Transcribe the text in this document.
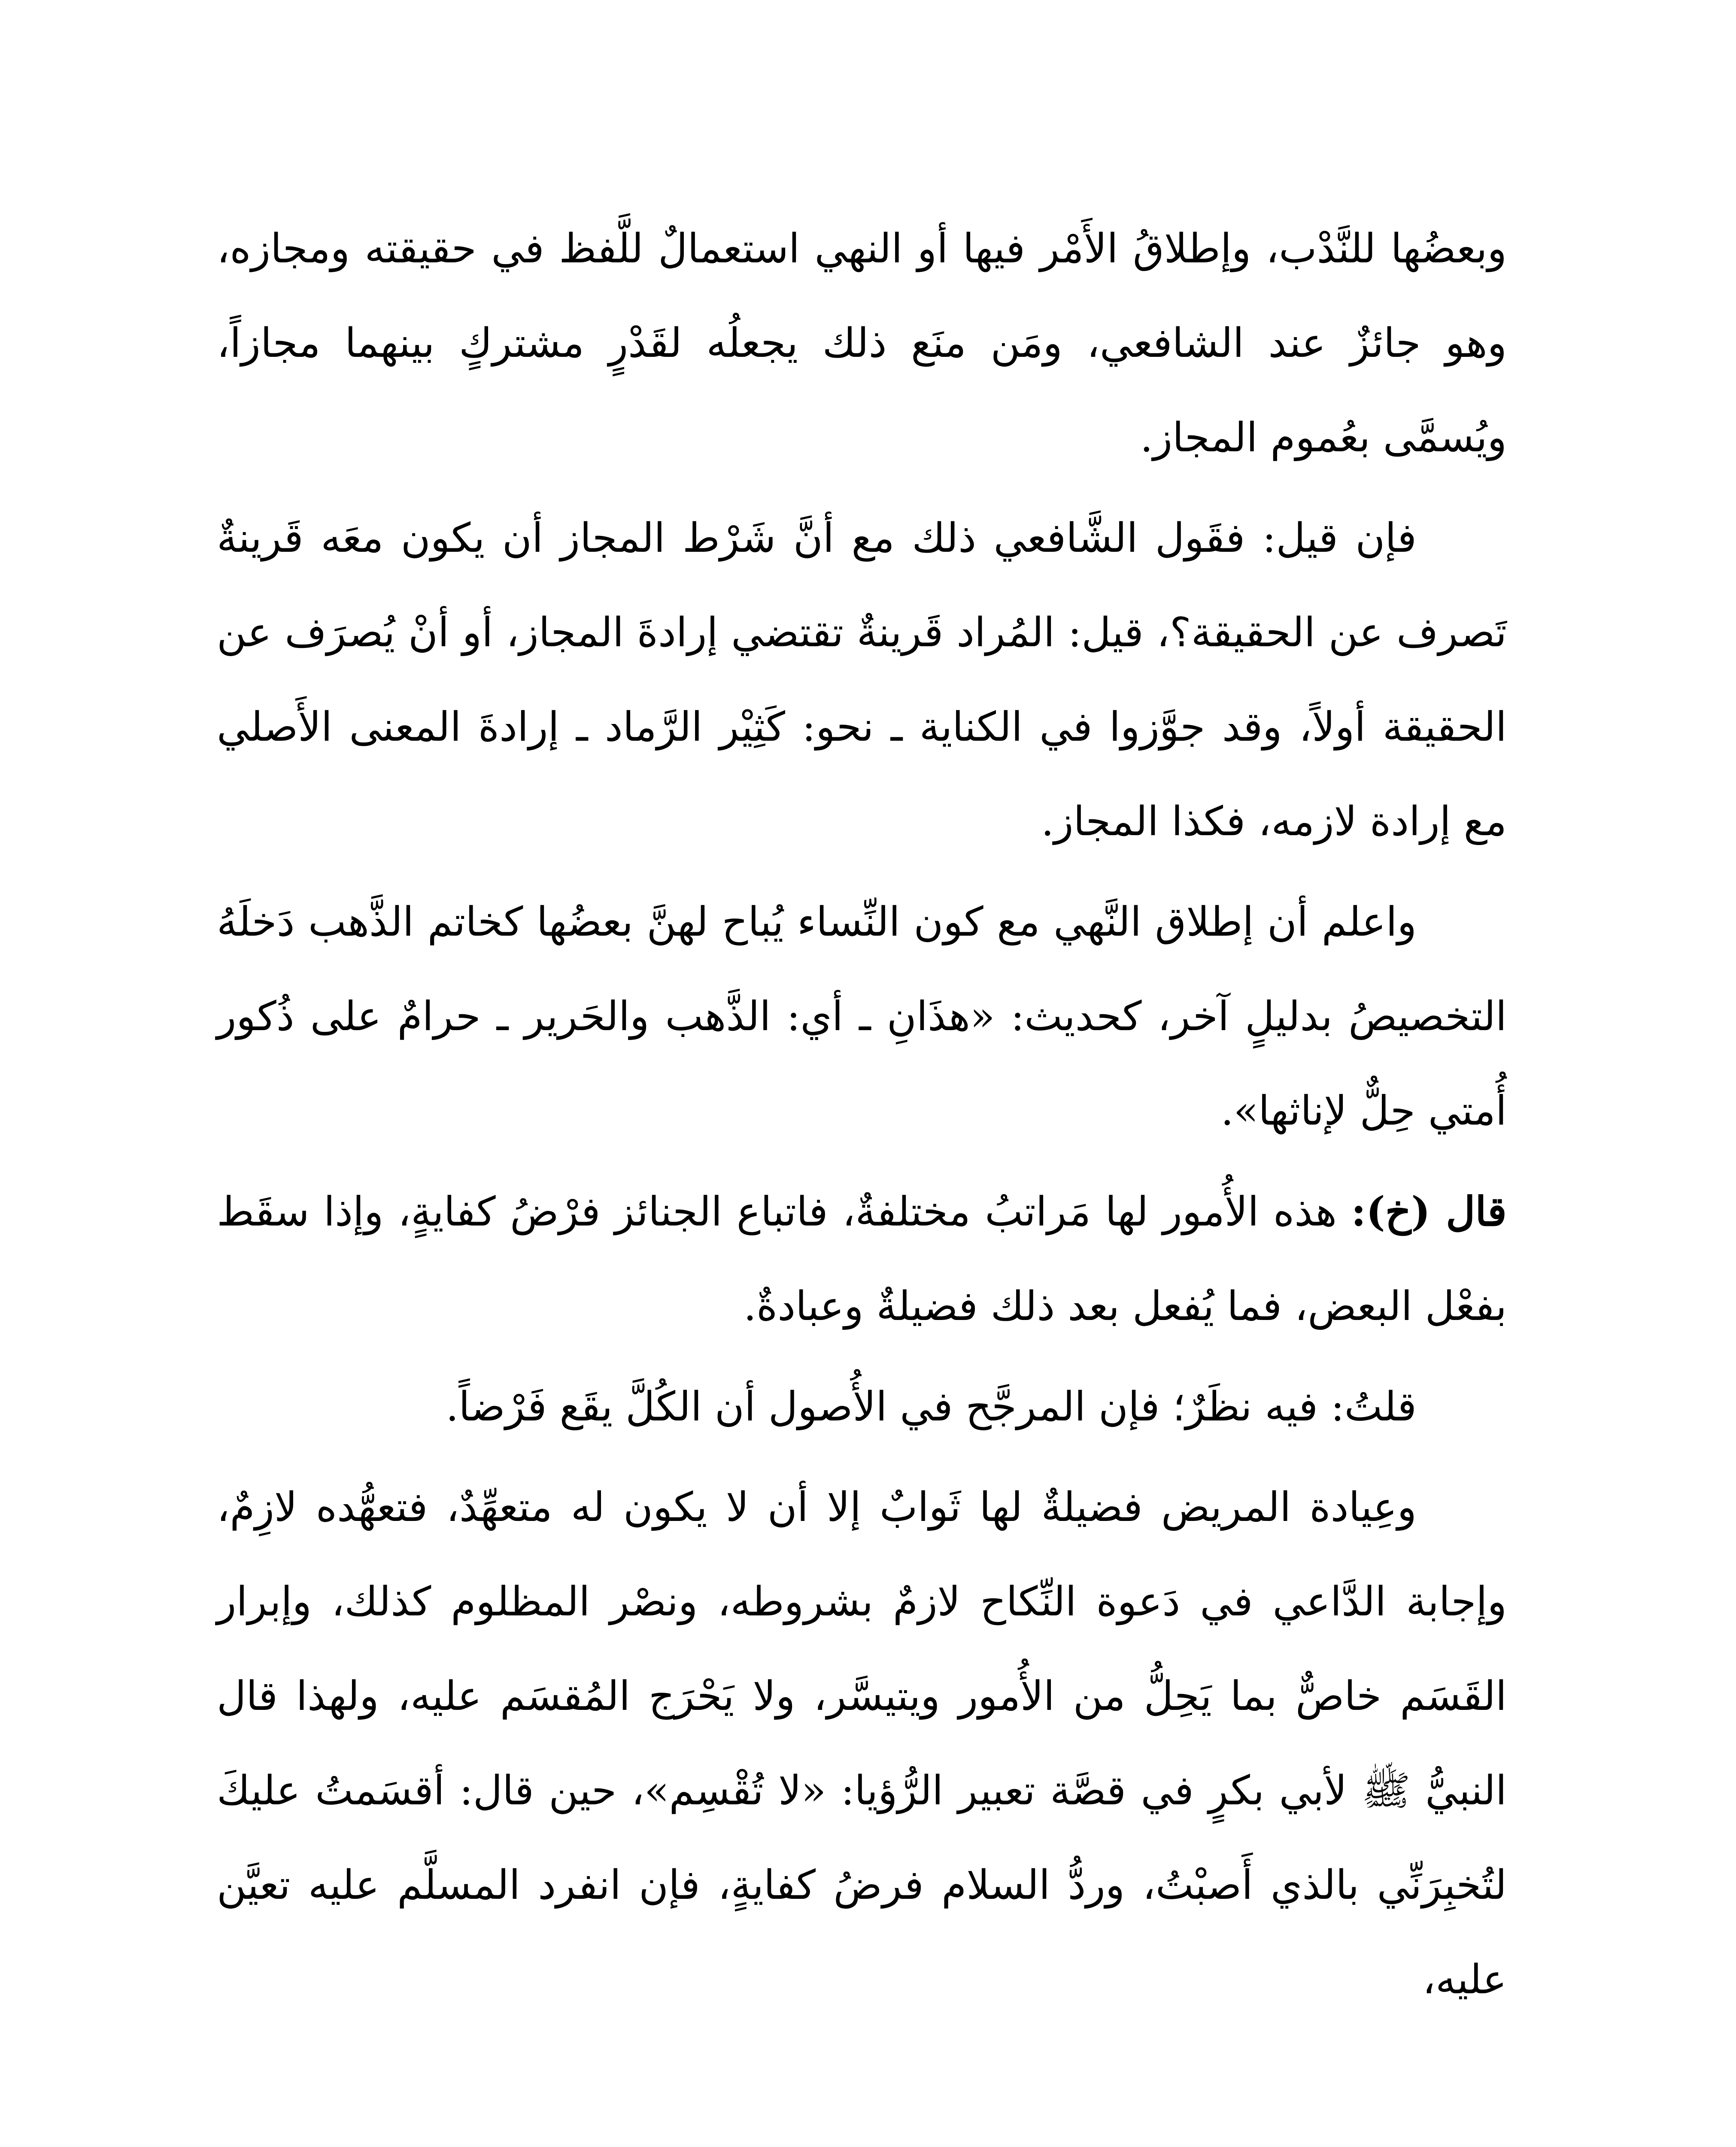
وبعضُها للنَّدْب، وإطلاقُ الأَمْر فيها أو النهي استعمالٌ للَّفظ في حقيقته ومجازه، وهو جائزٌ عند الشافعي، ومَن منَع ذلك يجعلُه لقَدْرٍ مشتركٍ بينهما مجازاً، ويُسمَّى بعُموم المجاز.

فإن قيل: فقَول الشَّافعي ذلك مع أنَّ شَرْط المجاز أن يكون معَه قَرينةٌ تَصرف عن الحقيقة؟، قيل: المُراد قَرينةٌ تقتضي إرادةَ المجاز، أو أنْ يُصرَف عن الحقيقة أولاً، وقد جوَّزوا في الكناية ـ نحو: كَثِيْر الرَّماد ـ إرادةَ المعنى الأَصلي مع إرادة لازمه، فكذا المجاز.

واعلم أن إطلاق النَّهي مع كون النِّساء يُباح لهنَّ بعضُها كخاتم الذَّهب دَخلَهُ التخصيصُ بدليلٍ آخر، كحديث: «هذَانِ ـ أي: الذَّهب والحَرير ـ حرامٌ على ذُكور أُمتي حِلٌّ لإناثها».

قال (خ): هذه الأُمور لها مَراتبُ مختلفةٌ، فاتباع الجنائز فرْضُ كفايةٍ، وإذا سقَط بفعْل البعض، فما يُفعل بعد ذلك فضيلةٌ وعبادةٌ.

قلتُ: فيه نظَرٌ؛ فإن المرجَّح في الأُصول أن الكُلَّ يقَع فَرْضاً.

وعِيادة المريض فضيلةٌ لها ثَوابٌ إلا أن لا يكون له متعهِّدٌ، فتعهُّده لازِمٌ، وإجابة الدَّاعي في دَعوة النِّكاح لازمٌ بشروطه، ونصْر المظلوم كذلك، وإبرار القَسَم خاصٌّ بما يَحِلُّ من الأُمور ويتيسَّر، ولا يَحْرَج المُقسَم عليه، ولهذا قال النبيُّ ﷺ لأبي بكرٍ في قصَّة تعبير الرُّؤيا: «لا تُقْسِم»، حين قال: أقسَمتُ عليكَ لتُخبِرَنِّي بالذي أَصبْتُ، وردُّ السلام فرضُ كفايةٍ، فإن انفرد المسلَّم عليه تعيَّن عليه،
